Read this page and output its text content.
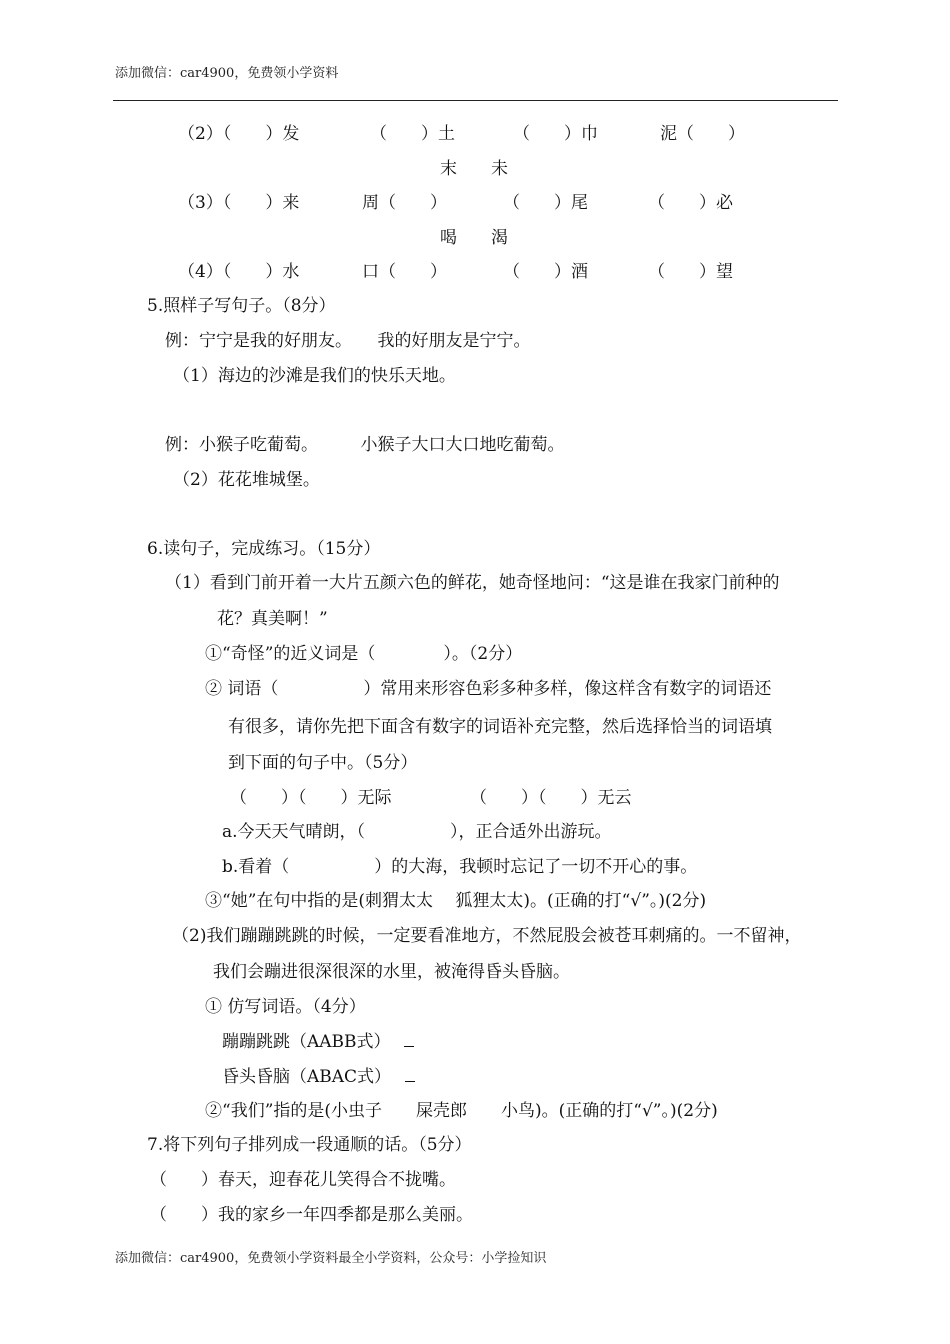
添加微信：car4900，免费领小学资料
（2）（　　）发	（　　）土	（　　）巾	泥（　　）
末　　未
（3）（　　）来	周（　　）	（　　）尾	（　　）必
喝　　渴
（4）（　　）水	口（　　）	（　　）酒	（　　）望
5.照样子写句子。（8分）
例：宁宁是我的好朋友。　　我的好朋友是宁宁。
（1）海边的沙滩是我们的快乐天地。
例：小猴子吃葡萄。　　　小猴子大口大口地吃葡萄。
（2）花花堆城堡。
6.读句子，完成练习。（15分）
（1）看到门前开着一大片五颜六色的鲜花，她奇怪地问：“这是谁在我家门前种的
花？真美啊！”
①“奇怪”的近义词是（　　　　）。（2分）
② 词语（　　　　　）常用来形容色彩多种多样，像这样含有数字的词语还
有很多，请你先把下面含有数字的词语补充完整，然后选择恰当的词语填
到下面的句子中。（5分）
（　　）（　　）无际	（　　）（　　）无云
a.今天天气晴朗，（　　　　　），正合适外出游玩。
b.看着（　　　　　）的大海，我顿时忘记了一切不开心的事。
③“她”在句中指的是(刺猬太太　 狐狸太太)。(正确的打“√”。)(2分)
（2)我们蹦蹦跳跳的时候，一定要看准地方，不然屁股会被苍耳刺痛的。一不留神，
我们会蹦进很深很深的水里，被淹得昏头昏脑。
① 仿写词语。（4分）
蹦蹦跳跳（AABB式）　
昏头昏脑（ABAC式）　
②“我们”指的是(小虫子　　屎壳郎　　小鸟)。(正确的打“√”。)(2分)
7.将下列句子排列成一段通顺的话。（5分）
（　　）春天，迎春花儿笑得合不拢嘴。
（　　）我的家乡一年四季都是那么美丽。
添加微信：car4900，免费领小学资料最全小学资料，公众号：小学捡知识
